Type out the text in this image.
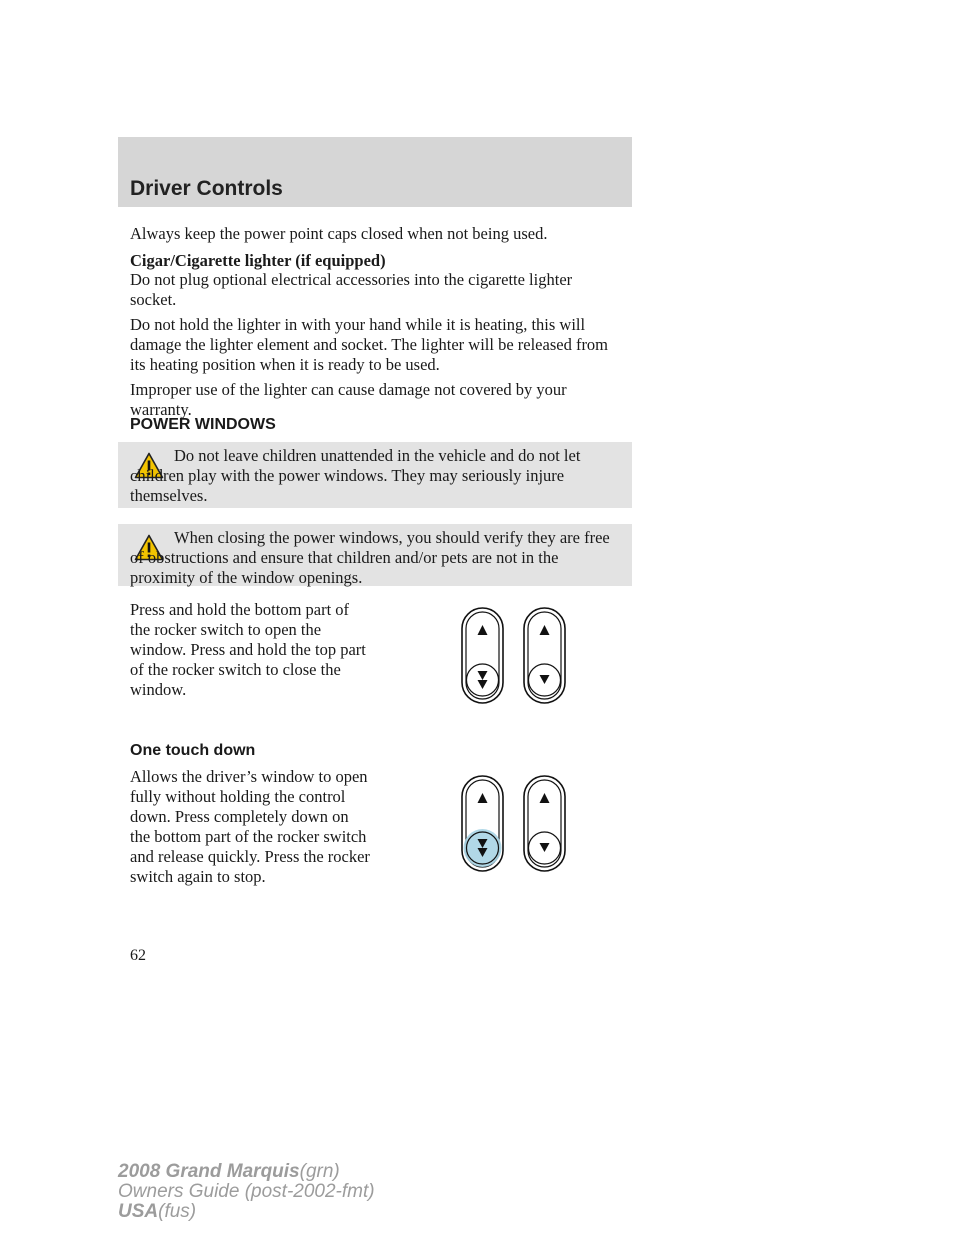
Driver Controls

Always keep the power point caps closed when not being used.

Cigar/Cigarette lighter (if equipped)

Do not plug optional electrical accessories into the cigarette lighter

socket.

Do not hold the lighter in with your hand while it is heating, this will

damage the lighter element and socket. The lighter will be released from

its heating position when it is ready to be used.

Improper use of the lighter can cause damage not covered by your

warranty.

POWER WINDOWS

Do not leave children unattended in the vehicle and do not let children play with the power windows. They may seriously injure themselves.

When closing the power windows, you should verify they are free of obstructions and ensure that children and/or pets are not in the proximity of the window openings.

Press and hold the bottom part of

the rocker switch to open the

window. Press and hold the top part

of the rocker switch to close the

window.

One touch down

Allows the driver’s window to open

fully without holding the control

down. Press completely down on

the bottom part of the rocker switch

and release quickly. Press the rocker

switch again to stop.

62

2008 Grand Marquis(grn)
Owners Guide (post-2002-fmt)
USA(fus)
